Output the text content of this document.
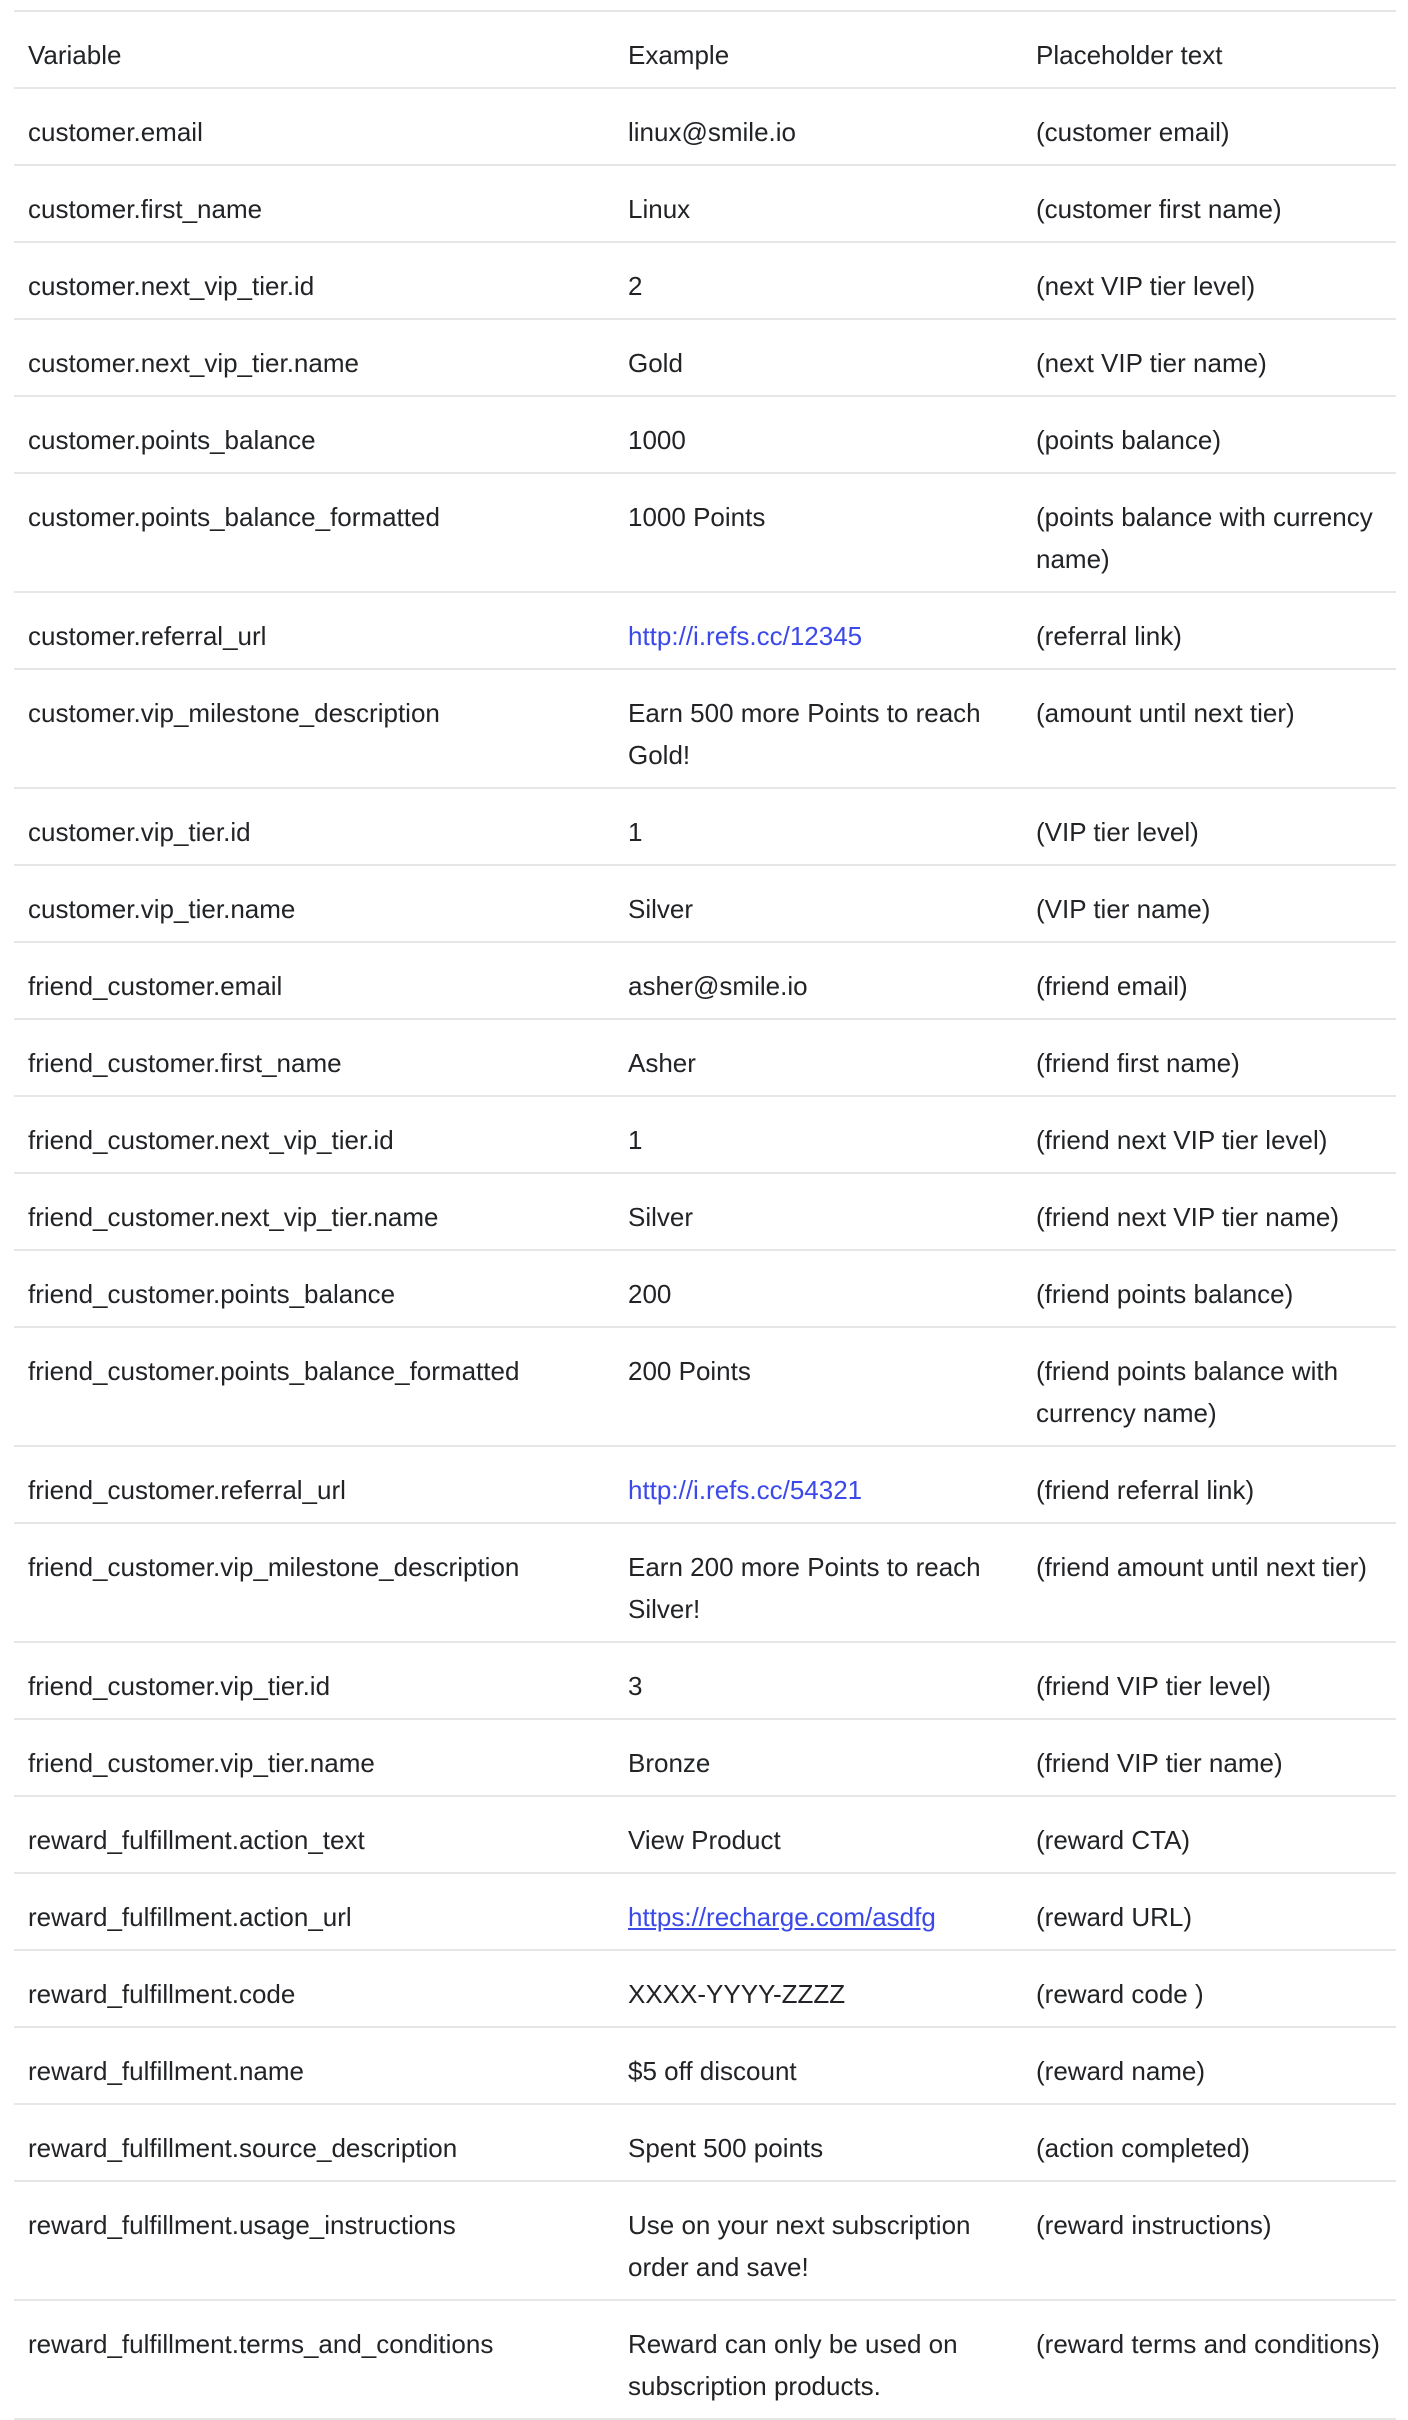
Variable	Example	Placeholder text
customer.email	linux@smile.io	(customer email)
customer.first_name	Linux	(customer first name)
customer.next_vip_tier.id	2	(next VIP tier level)
customer.next_vip_tier.name	Gold	(next VIP tier name)
customer.points_balance	1000	(points balance)
customer.points_balance_formatted	1000 Points	(points balance with currency name)
customer.referral_url	http://i.refs.cc/12345	(referral link)
customer.vip_milestone_description	Earn 500 more Points to reach Gold!	(amount until next tier)
customer.vip_tier.id	1	(VIP tier level)
customer.vip_tier.name	Silver	(VIP tier name)
friend_customer.email	asher@smile.io	(friend email)
friend_customer.first_name	Asher	(friend first name)
friend_customer.next_vip_tier.id	1	(friend next VIP tier level)
friend_customer.next_vip_tier.name	Silver	(friend next VIP tier name)
friend_customer.points_balance	200	(friend points balance)
friend_customer.points_balance_formatted	200 Points	(friend points balance with currency name)
friend_customer.referral_url	http://i.refs.cc/54321	(friend referral link)
friend_customer.vip_milestone_description	Earn 200 more Points to reach Silver!	(friend amount until next tier)
friend_customer.vip_tier.id	3	(friend VIP tier level)
friend_customer.vip_tier.name	Bronze	(friend VIP tier name)
reward_fulfillment.action_text	View Product	(reward CTA)
reward_fulfillment.action_url	https://recharge.com/asdfg	(reward URL)
reward_fulfillment.code	XXXX-YYYY-ZZZZ	(reward code )
reward_fulfillment.name	$5 off discount	(reward name)
reward_fulfillment.source_description	Spent 500 points	(action completed)
reward_fulfillment.usage_instructions	Use on your next subscription order and save!	(reward instructions)
reward_fulfillment.terms_and_conditions	Reward can only be used on subscription products.	(reward terms and conditions)
